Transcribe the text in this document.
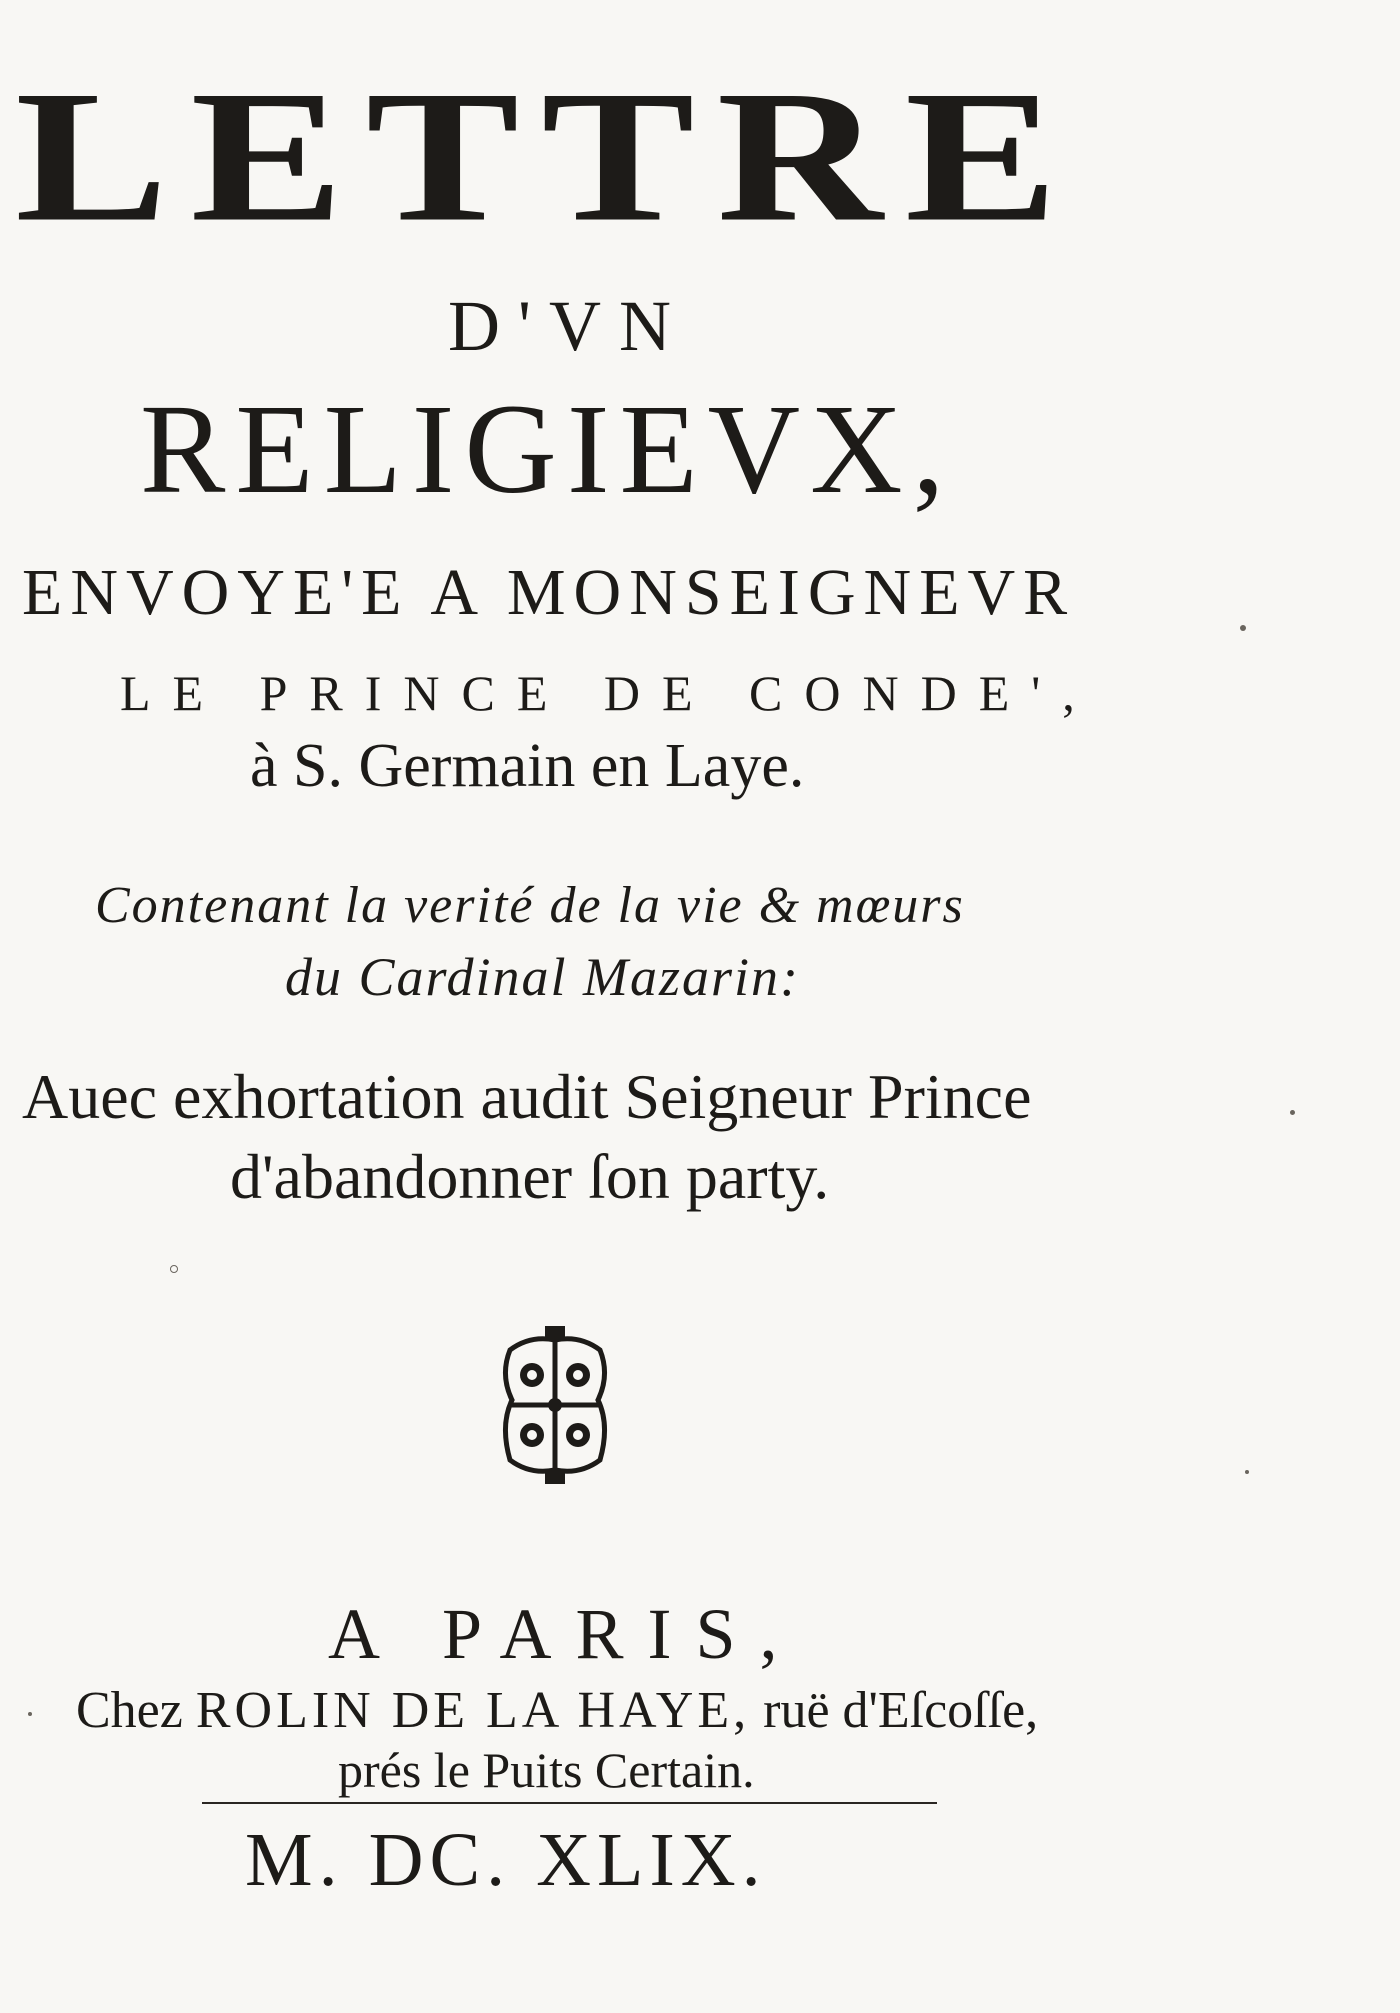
LETTRE
D'VN
RELIGIEVX,
ENVOYE'E A MONSEIGNEVR
LE PRINCE DE CONDE',
à S. Germain en Laye.
Contenant la verité de la vie & mœurs
du Cardinal Mazarin:
Auec exhortation audit Seigneur Prince
d'abandonner ſon party.
A PARIS,
Chez ROLIN DE LA HAYE, ruë d'Eſcoſſe,
prés le Puits Certain.
M. DC. XLIX.
